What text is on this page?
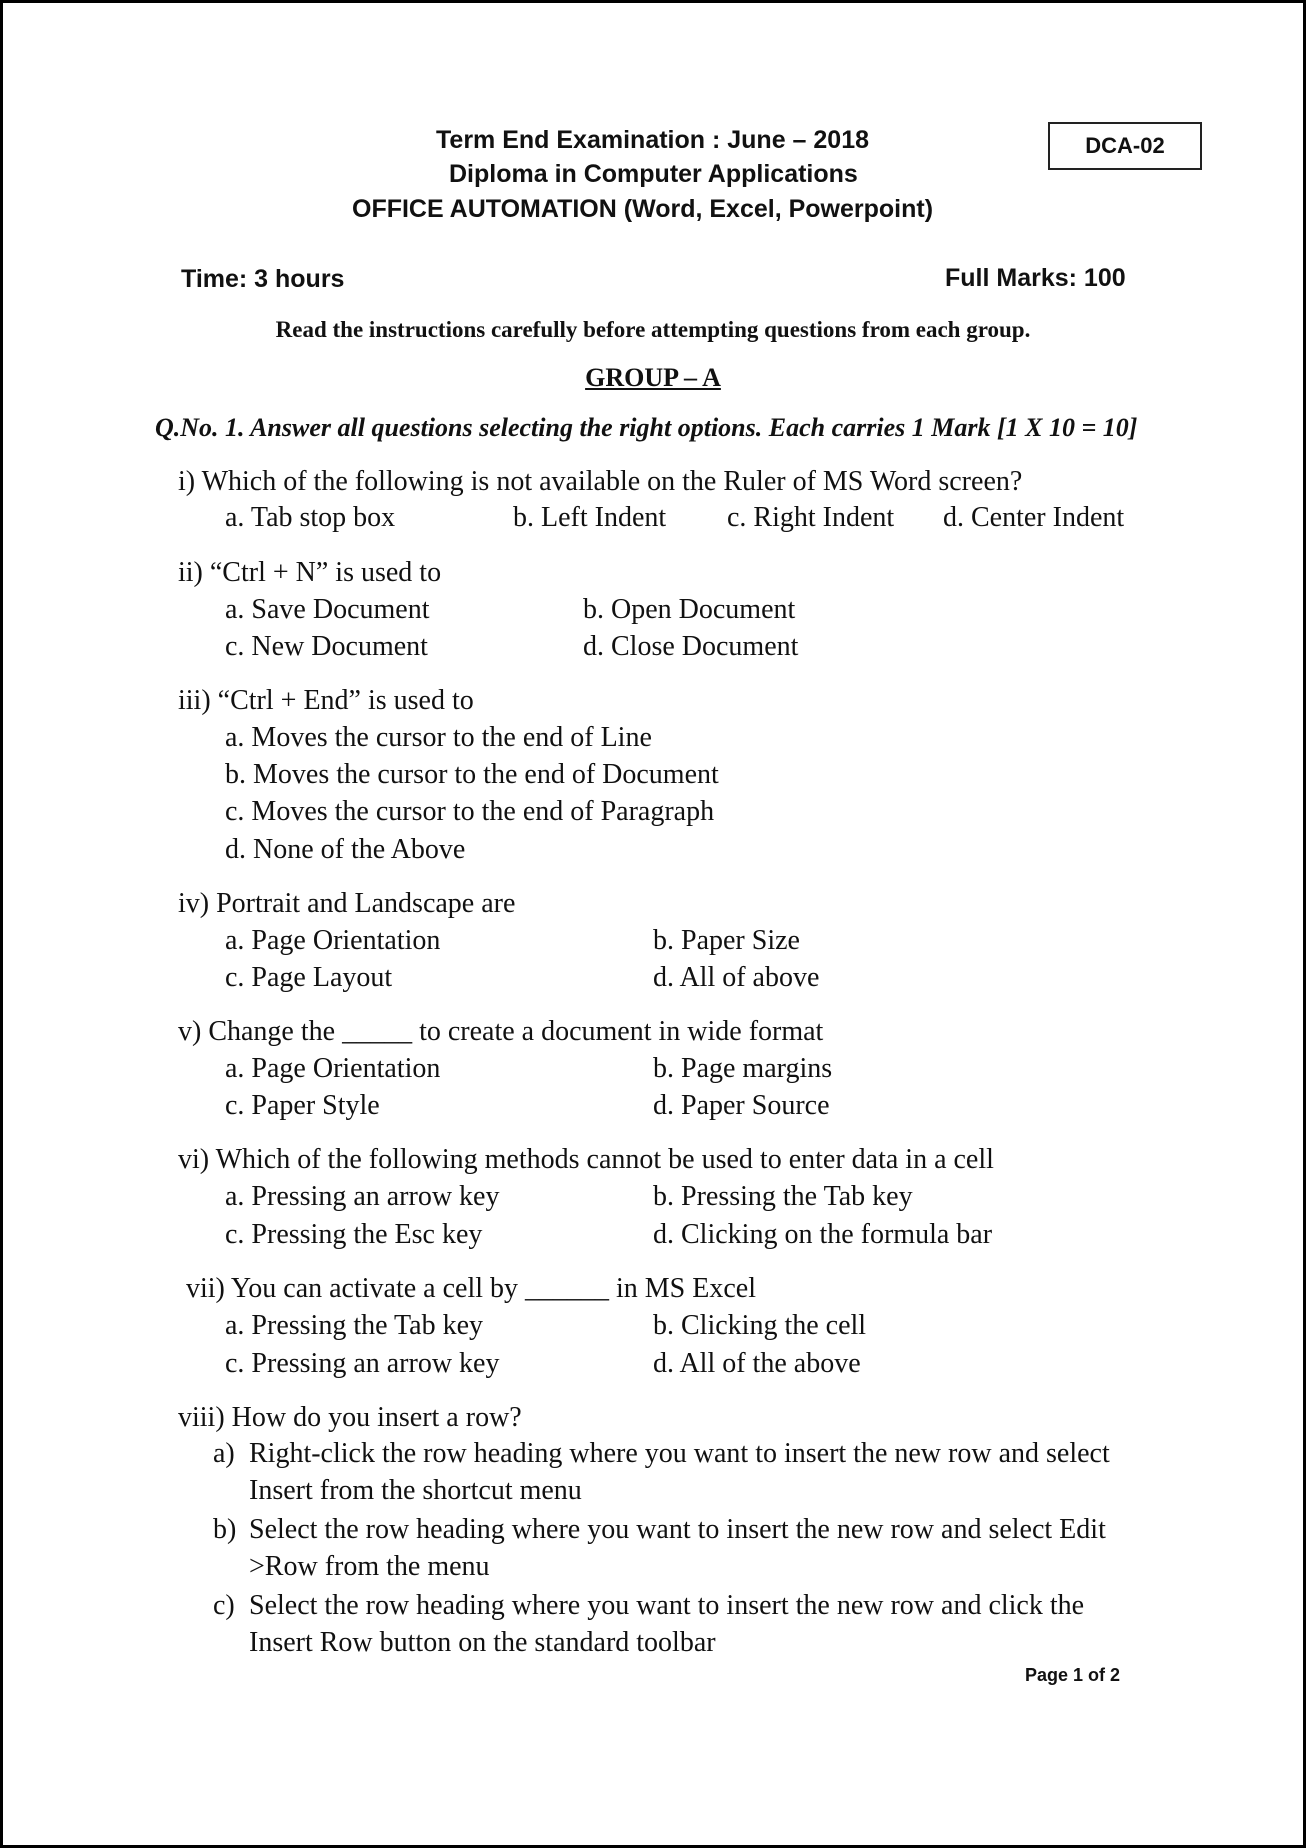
Term End Examination : June – 2018
Diploma in Computer Applications
OFFICE AUTOMATION (Word, Excel, Powerpoint)
DCA-02
Time: 3 hours	Full Marks: 100
Read the instructions carefully before attempting questions from each group.
GROUP – A
Q.No. 1. Answer all questions selecting the right options. Each carries 1 Mark [1 X 10 = 10]
i) Which of the following is not available on the Ruler of MS Word screen?
a. Tab stop box	b. Left Indent c. Right Indent d. Center Indent
ii) “Ctrl + N” is used to
a. Save Document	b. Open Document
c. New Document	d. Close Document
iii) “Ctrl + End” is used to
a. Moves the cursor to the end of Line
b. Moves the cursor to the end of Document
c. Moves the cursor to the end of Paragraph
d. None of the Above
iv) Portrait and Landscape are
a. Page Orientation	b. Paper Size
c. Page Layout	d. All of above
v) Change the _____ to create a document in wide format
a. Page Orientation	b. Page margins
c. Paper Style	d. Paper Source
vi) Which of the following methods cannot be used to enter data in a cell
a. Pressing an arrow key	b. Pressing the Tab key
c. Pressing the Esc key	d. Clicking on the formula bar
vii) You can activate a cell by ______ in MS Excel
a. Pressing the Tab key	b. Clicking the cell
c. Pressing an arrow key	d. All of the above
viii) How do you insert a row?
a) Right-click the row heading where you want to insert the new row and select
Insert from the shortcut menu
b) Select the row heading where you want to insert the new row and select Edit
>Row from the menu
c) Select the row heading where you want to insert the new row and click the
Insert Row button on the standard toolbar
Page 1 of 2
